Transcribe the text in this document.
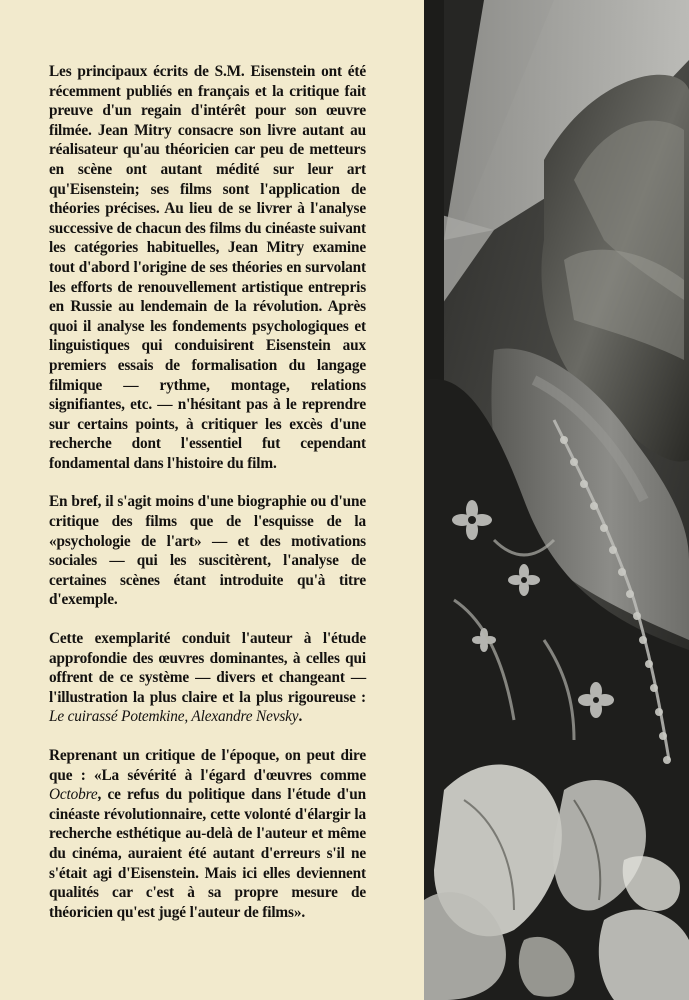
Les principaux écrits de S.M. Eisenstein ont été récemment publiés en français et la critique fait preuve d'un regain d'intérêt pour son œuvre filmée. Jean Mitry consacre son livre autant au réalisateur qu'au théoricien car peu de metteurs en scène ont autant médité sur leur art qu'Eisenstein; ses films sont l'application de théories précises. Au lieu de se livrer à l'analyse successive de chacun des films du cinéaste suivant les catégories habituelles, Jean Mitry examine tout d'abord l'origine de ses théories en survolant les efforts de renouvellement artistique entrepris en Russie au lendemain de la révolution. Après quoi il analyse les fondements psychologiques et linguistiques qui conduisirent Eisenstein aux premiers essais de formalisation du langage filmique — rythme, montage, relations signifiantes, etc. — n'hésitant pas à le reprendre sur certains points, à critiquer les excès d'une recherche dont l'essentiel fut cependant fondamental dans l'histoire du film.

En bref, il s'agit moins d'une biographie ou d'une critique des films que de l'esquisse de la «psychologie de l'art» — et des motivations sociales — qui les suscitèrent, l'analyse de certaines scènes étant introduite qu'à titre d'exemple.

Cette exemplarité conduit l'auteur à l'étude approfondie des œuvres dominantes, à celles qui offrent de ce système — divers et changeant — l'illustration la plus claire et la plus rigoureuse : Le cuirassé Potemkine, Alexandre Nevsky.

Reprenant un critique de l'époque, on peut dire que : «La sévérité à l'égard d'œuvres comme Octobre, ce refus du politique dans l'étude d'un cinéaste révolutionnaire, cette volonté d'élargir la recherche esthétique au-delà de l'auteur et même du cinéma, auraient été autant d'erreurs s'il ne s'était agi d'Eisenstein. Mais ici elles deviennent qualités car c'est à sa propre mesure de théoricien qu'est jugé l'auteur de films».
